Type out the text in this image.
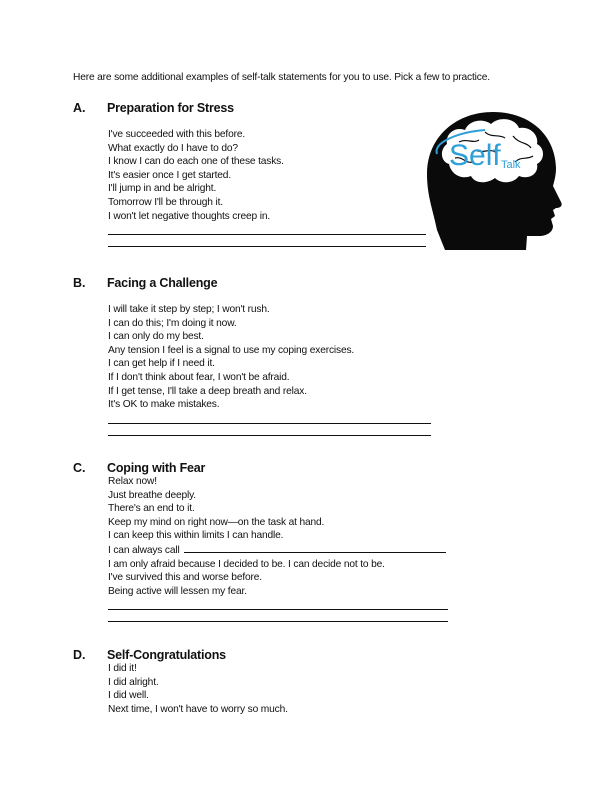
Here are some additional examples of self-talk statements for you to use. Pick a few to practice.
Self Talk
A. Preparation for Stress
I've succeeded with this before.
What exactly do I have to do?
I know I can do each one of these tasks.
It's easier once I get started.
I'll jump in and be alright.
Tomorrow I'll be through it.
I won't let negative thoughts creep in.
B. Facing a Challenge
I will take it step by step; I won't rush.
I can do this; I'm doing it now.
I can only do my best.
Any tension I feel is a signal to use my coping exercises.
I can get help if I need it.
If I don't think about fear, I won't be afraid.
If I get tense, I'll take a deep breath and relax.
It's OK to make mistakes.
C. Coping with Fear
Relax now!
Just breathe deeply.
There's an end to it.
Keep my mind on right now—on the task at hand.
I can keep this within limits I can handle.
I can always call
I am only afraid because I decided to be. I can decide not to be.
I've survived this and worse before.
Being active will lessen my fear.
D. Self-Congratulations
I did it!
I did alright.
I did well.
Next time, I won't have to worry so much.
